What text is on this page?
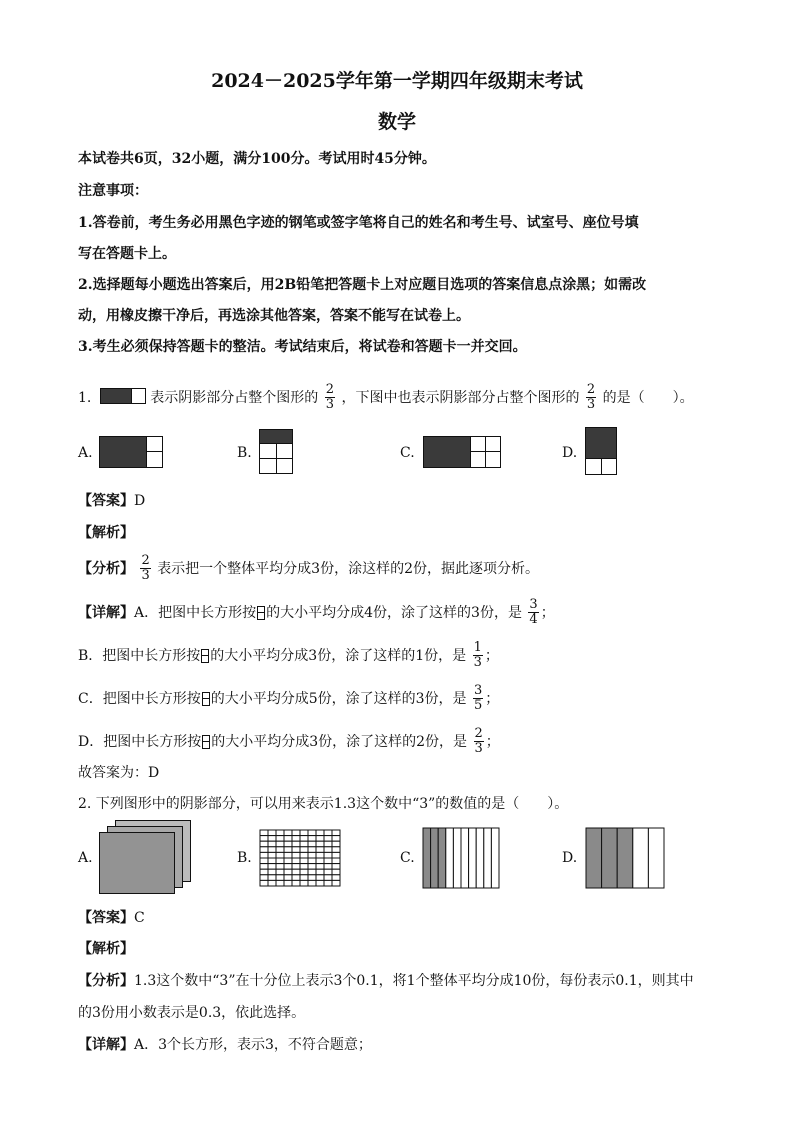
2024－2025学年第一学期四年级期末考试
数学
本试卷共6页，32小题，满分100分。考试用时45分钟。
注意事项：
1.答卷前，考生务必用黑色字迹的钢笔或签字笔将自己的姓名和考生号、试室号、座位号填
写在答题卡上。
2.选择题每小题选出答案后，用2B铅笔把答题卡上对应题目选项的答案信息点涂黑；如需改
动，用橡皮擦干净后，再选涂其他答案，答案不能写在试卷上。
3.考生必须保持答题卡的整洁。考试结束后，将试卷和答题卡一并交回。
1.	表示阴影部分占整个图形的 $\frac{2}{3}$ ，下图中也表示阴影部分占整个图形的 $\frac{2}{3}$ 的是（　　）。
A.	B.	C.	D.
【答案】D
【解析】
【分析】 $\frac{2}{3}$ 表示把一个整体平均分成3份，涂这样的2份，据此逐项分析。
【详解】A．把图中长方形按 的大小平均分成4份，涂了这样的3份，是 $\frac{3}{4}$ ；
B．把图中长方形按 的大小平均分成3份，涂了这样的1份，是 $\frac{1}{3}$ ；
C．把图中长方形按 的大小平均分成5份，涂了这样的3份，是 $\frac{3}{5}$ ；
D．把图中长方形按 的大小平均分成3份，涂了这样的2份，是 $\frac{2}{3}$ ；
故答案为：D
2. 下列图形中的阴影部分，可以用来表示1.3这个数中“3”的数值的是（　　）。
A.	B.	C.	D.
【答案】C
【解析】
【分析】1.3这个数中“3”在十分位上表示3个0.1，将1个整体平均分成10份，每份表示0.1，则其中
的3份用小数表示是0.3，依此选择。
【详解】A．3个长方形，表示3，不符合题意；
